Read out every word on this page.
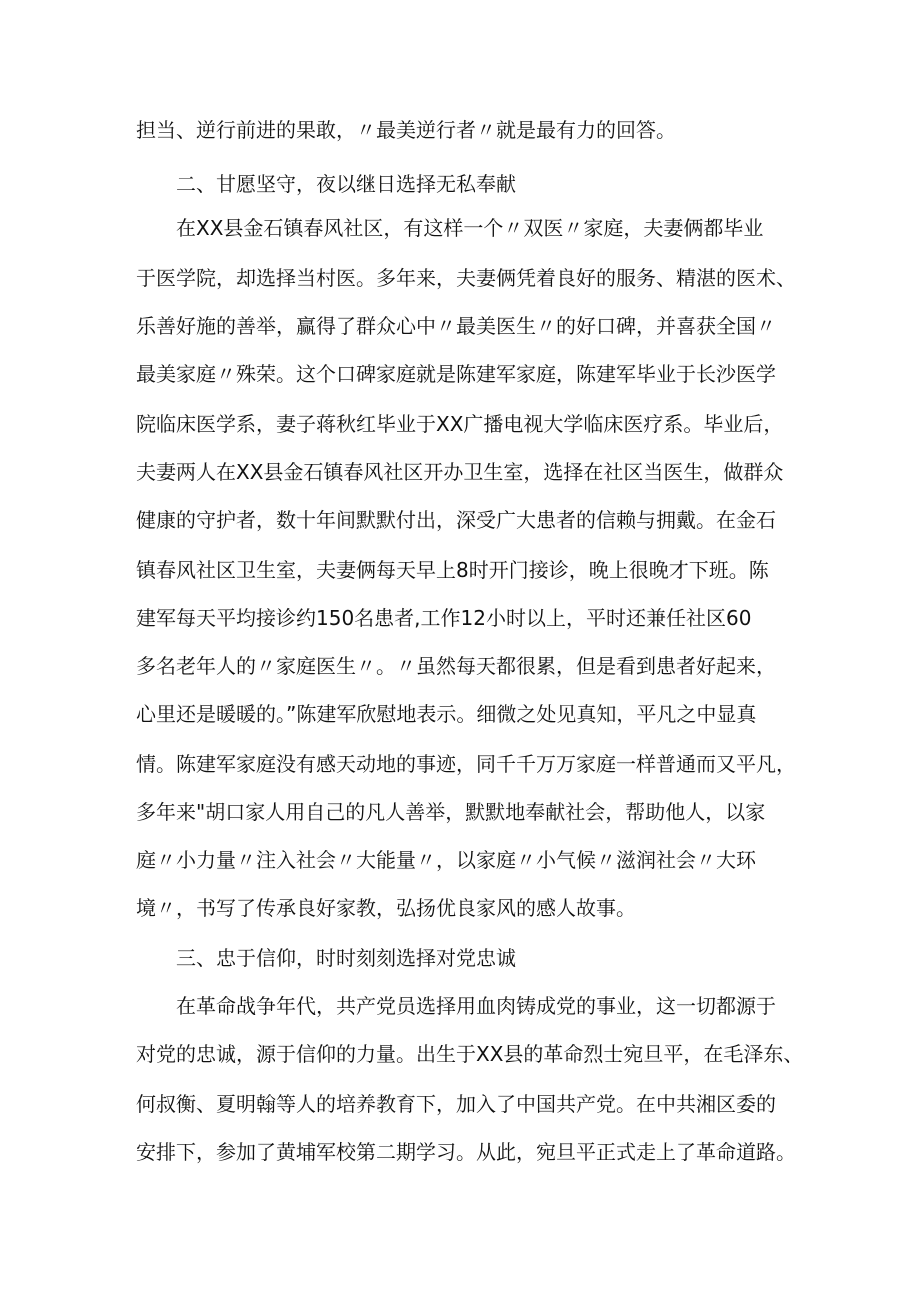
担当、逆行前进的果敢，〃最美逆行者〃就是最有力的回答。

二、甘愿坚守，夜以继日选择无私奉献

在XX县金石镇春风社区，有这样一个〃双医〃家庭，夫妻俩都毕业

于医学院，却选择当村医。多年来，夫妻俩凭着良好的服务、精湛的医术、

乐善好施的善举，赢得了群众心中〃最美医生〃的好口碑，并喜获全国〃

最美家庭〃殊荣。这个口碑家庭就是陈建军家庭，陈建军毕业于长沙医学

院临床医学系，妻子蒋秋红毕业于XX广播电视大学临床医疗系。毕业后，

夫妻两人在XX县金石镇春风社区开办卫生室，选择在社区当医生，做群众

健康的守护者，数十年间默默付出，深受广大患者的信赖与拥戴。在金石

镇春风社区卫生室，夫妻俩每天早上8时开门接诊，晚上很晚才下班。陈

建军每天平均接诊约150名患者,工作12小时以上，平时还兼任社区60

多名老年人的〃家庭医生〃。〃虽然每天都很累，但是看到患者好起来，

心里还是暖暖的。”陈建军欣慰地表示。细微之处见真知，平凡之中显真

情。陈建军家庭没有感天动地的事迹，同千千万万家庭一样普通而又平凡，

多年来"胡口家人用自己的凡人善举，默默地奉献社会，帮助他人，以家

庭〃小力量〃注入社会〃大能量〃，以家庭〃小气候〃滋润社会〃大环

境〃，书写了传承良好家教，弘扬优良家风的感人故事。

三、忠于信仰，时时刻刻选择对党忠诚

在革命战争年代，共产党员选择用血肉铸成党的事业，这一切都源于

对党的忠诚，源于信仰的力量。出生于XX县的革命烈士宛旦平，在毛泽东、

何叔衡、夏明翰等人的培养教育下，加入了中国共产党。在中共湘区委的

安排下，参加了黄埔军校第二期学习。从此，宛旦平正式走上了革命道路。
